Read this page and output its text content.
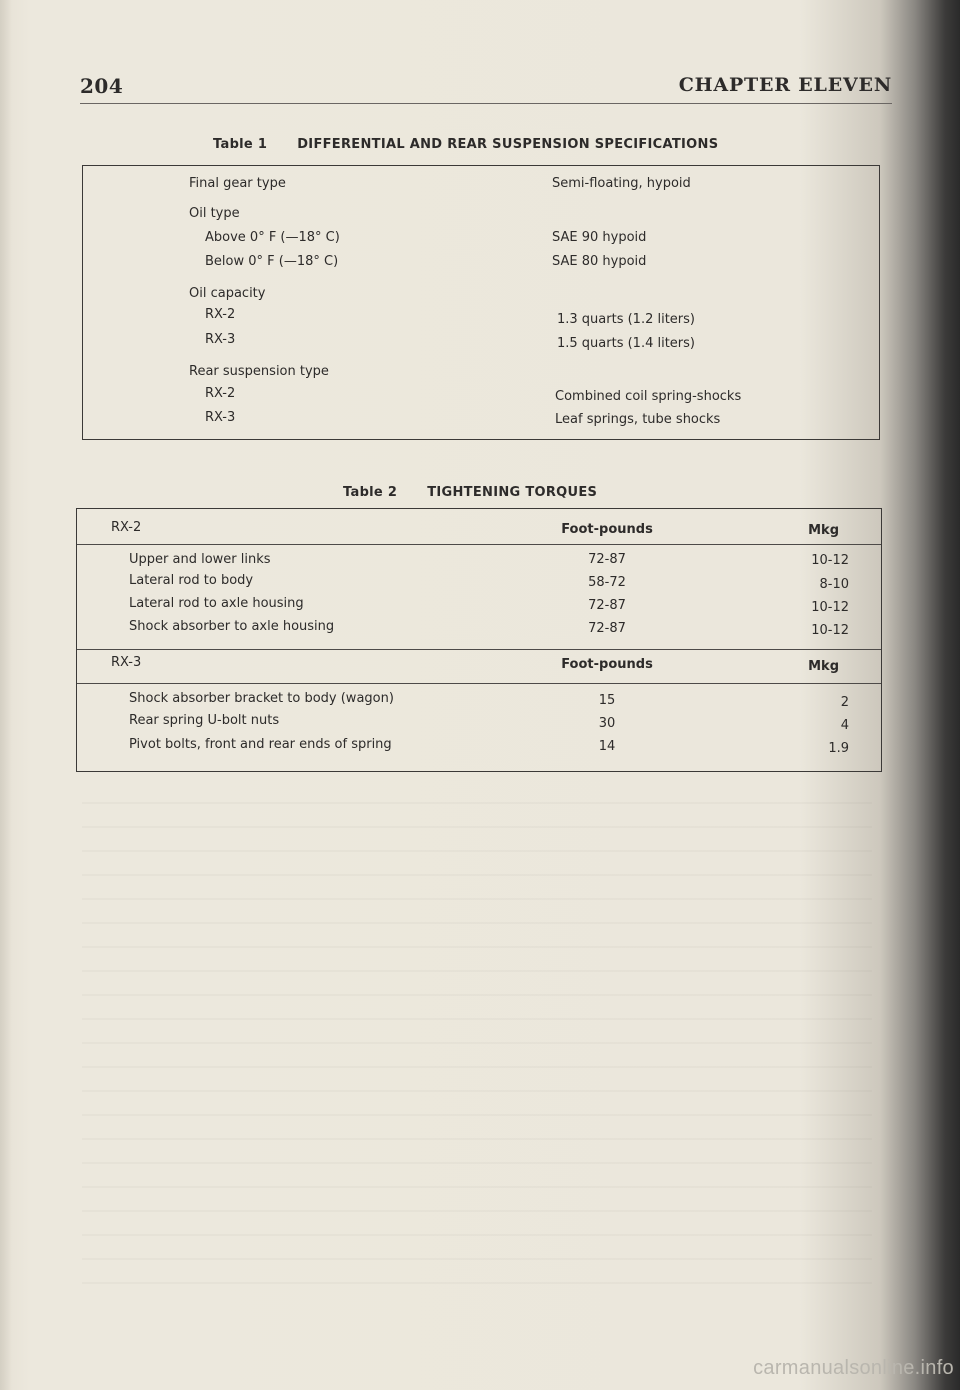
204	CHAPTER ELEVEN
Table 1 DIFFERENTIAL AND REAR SUSPENSION SPECIFICATIONS
Final gear type	Semi-floating, hypoid
Oil type
Above 0° F (—18° C)	SAE 90 hypoid
Below 0° F (—18° C)	SAE 80 hypoid
Oil capacity
RX-2	1.3 quarts (1.2 liters)
RX-3	1.5 quarts (1.4 liters)
Rear suspension type
RX-2	Combined coil spring-shocks
RX-3	Leaf springs, tube shocks
Table 2 TIGHTENING TORQUES
RX-2	Foot-pounds	Mkg
Upper and lower links	72-87	10-12
Lateral rod to body	58-72	8-10
Lateral rod to axle housing	72-87	10-12
Shock absorber to axle housing	72-87	10-12
RX-3	Foot-pounds	Mkg
Shock absorber bracket to body (wagon)	15	2
Rear spring U-bolt nuts	30	4
Pivot bolts, front and rear ends of spring	14	1.9
carmanualsonline.info
